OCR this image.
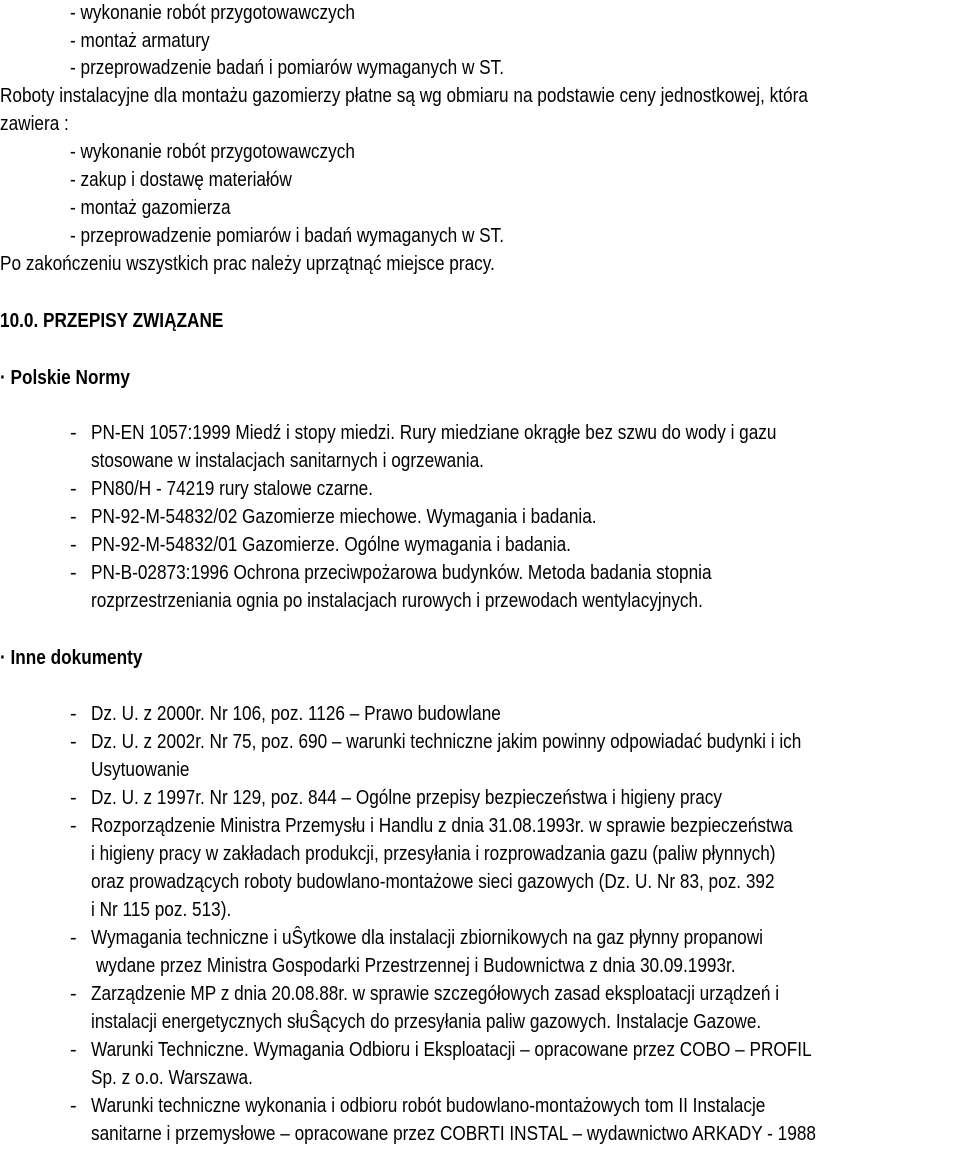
- wykonanie robót przygotowawczych
- montaż armatury
- przeprowadzenie badań i pomiarów wymaganych w ST.
Roboty instalacyjne dla montażu gazomierzy płatne są wg obmiaru na podstawie ceny jednostkowej, która
zawiera :
- wykonanie robót przygotowawczych
- zakup i dostawę materiałów
- montaż gazomierza
- przeprowadzenie pomiarów i badań wymaganych w ST.
Po zakończeniu wszystkich prac należy uprzątnąć miejsce pracy.
10.0. PRZEPISY ZWIĄZANE
· Polskie Normy
- PN-EN 1057:1999 Miedź i stopy miedzi. Rury miedziane okrągłe bez szwu do wody i gazu
stosowane w instalacjach sanitarnych i ogrzewania.
- PN80/H - 74219 rury stalowe czarne.
- PN-92-M-54832/02 Gazomierze miechowe. Wymagania i badania.
- PN-92-M-54832/01 Gazomierze. Ogólne wymagania i badania.
- PN-B-02873:1996 Ochrona przeciwpożarowa budynków. Metoda badania stopnia
rozprzestrzeniania ognia po instalacjach rurowych i przewodach wentylacyjnych.
· Inne dokumenty
- Dz. U. z 2000r. Nr 106, poz. 1126 – Prawo budowlane
- Dz. U. z 2002r. Nr 75, poz. 690 – warunki techniczne jakim powinny odpowiadać budynki i ich
Usytuowanie
- Dz. U. z 1997r. Nr 129, poz. 844 – Ogólne przepisy bezpieczeństwa i higieny pracy
- Rozporządzenie Ministra Przemysłu i Handlu z dnia 31.08.1993r. w sprawie bezpieczeństwa
i higieny pracy w zakładach produkcji, przesyłania i rozprowadzania gazu (paliw płynnych)
oraz prowadzących roboty budowlano-montażowe sieci gazowych (Dz. U. Nr 83, poz. 392
i Nr 115 poz. 513).
- Wymagania techniczne i uŜytkowe dla instalacji zbiornikowych na gaz płynny propanowi
wydane przez Ministra Gospodarki Przestrzennej i Budownictwa z dnia 30.09.1993r.
- Zarządzenie MP z dnia 20.08.88r. w sprawie szczegółowych zasad eksploatacji urządzeń i
instalacji energetycznych słuŜących do przesyłania paliw gazowych. Instalacje Gazowe.
- Warunki Techniczne. Wymagania Odbioru i Eksploatacji – opracowane przez COBO – PROFIL
Sp. z o.o. Warszawa.
- Warunki techniczne wykonania i odbioru robót budowlano-montażowych tom II Instalacje
sanitarne i przemysłowe – opracowane przez COBRTI INSTAL – wydawnictwo ARKADY - 1988
